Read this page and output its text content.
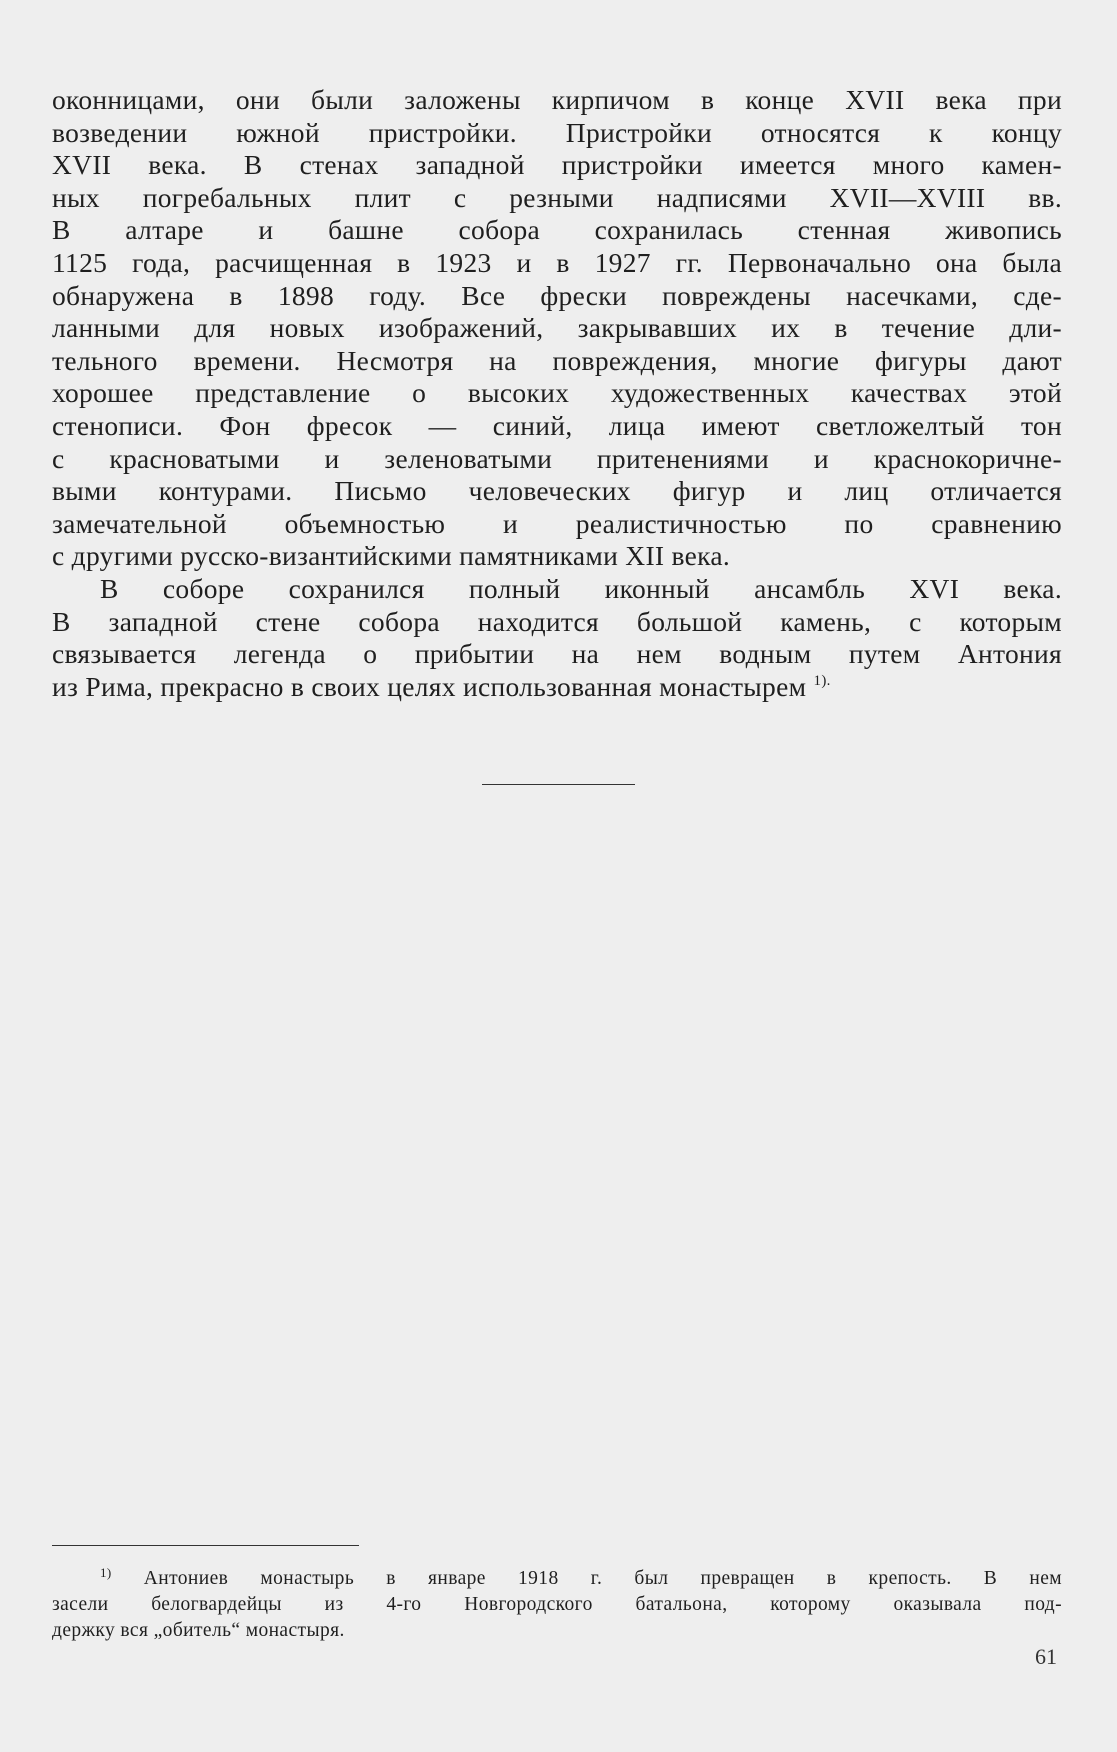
оконницами, они были заложены кирпичом в конце XVII века при
возведении южной пристройки. Пристройки относятся к концу
XVII века. В стенах западной пристройки имеется много камен-
ных погребальных плит с резными надписями XVII—XVIII вв.
В алтаре и башне собора сохранилась стенная живопись
1125 года, расчищенная в 1923 и в 1927 гг. Первоначально она была
обнаружена в 1898 году. Все фрески повреждены насечками, сде-
ланными для новых изображений, закрывавших их в течение дли-
тельного времени. Несмотря на повреждения, многие фигуры дают
хорошее представление о высоких художественных качествах этой
стенописи. Фон фресок — синий, лица имеют светложелтый тон
с красноватыми и зеленоватыми притенениями и краснокоричне-
выми контурами. Письмо человеческих фигур и лиц отличается
замечательной объемностью и реалистичностью по сравнению
с другими русско-византийскими памятниками XII века.
В соборе сохранился полный иконный ансамбль XVI века.
В западной стене собора находится большой камень, с которым
связывается легенда о прибытии на нем водным путем Антония
из Рима, прекрасно в своих целях использованная монастырем $^{1).}$
$^{1)}$ Антониев монастырь в январе 1918 г. был превращен в крепость. В нем
засели белогвардейцы из 4-го Новгородского батальона, которому оказывала под-
держку вся „обитель“ монастыря.
61
